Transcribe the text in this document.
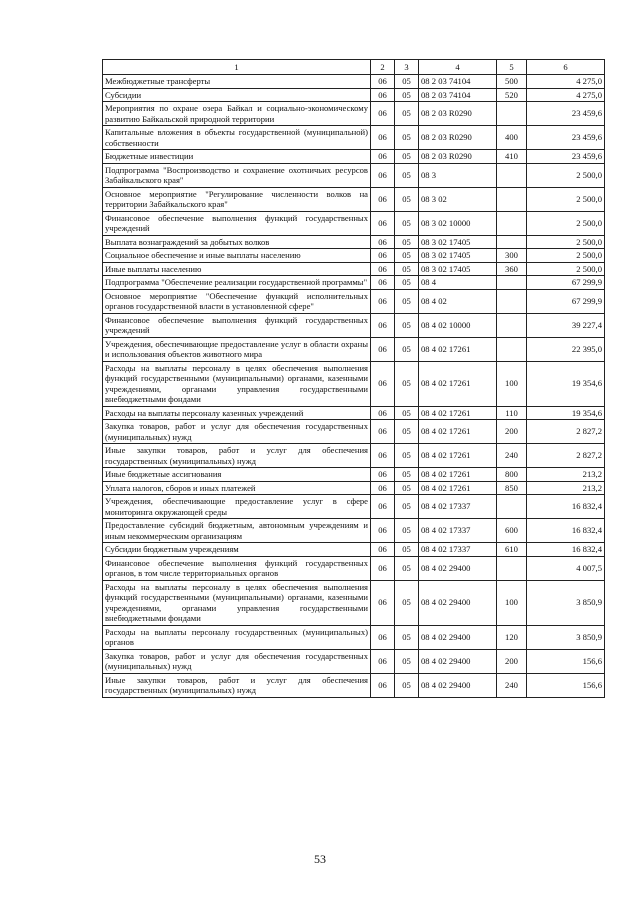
1	2	3	4	5	6
Межбюджетные трансферты	06	05	08 2 03 74104	500	4 275,0
Субсидии	06	05	08 2 03 74104	520	4 275,0
Мероприятия по охране озера Байкал и социально-экономическому развитию Байкальской природной территории	06	05	08 2 03 R0290		23 459,6
Капитальные вложения в объекты государственной (муниципальной) собственности	06	05	08 2 03 R0290	400	23 459,6
Бюджетные инвестиции	06	05	08 2 03 R0290	410	23 459,6
Подпрограмма "Воспроизводство и сохранение охотничьих ресурсов Забайкальского края"	06	05	08 3		2 500,0
Основное мероприятие "Регулирование численности волков на территории Забайкальского края"	06	05	08 3 02		2 500,0
Финансовое обеспечение выполнения функций государственных учреждений	06	05	08 3 02 10000		2 500,0
Выплата вознаграждений за добытых волков	06	05	08 3 02 17405		2 500,0
Социальное обеспечение и иные выплаты населению	06	05	08 3 02 17405	300	2 500,0
Иные выплаты населению	06	05	08 3 02 17405	360	2 500,0
Подпрограмма "Обеспечение реализации государственной программы"	06	05	08 4		67 299,9
Основное мероприятие "Обеспечение функций исполнительных органов государственной власти в установленной сфере"	06	05	08 4 02		67 299,9
Финансовое обеспечение выполнения функций государственных учреждений	06	05	08 4 02 10000		39 227,4
Учреждения, обеспечивающие предоставление услуг в области охраны и использования объектов животного мира	06	05	08 4 02 17261		22 395,0
Расходы на выплаты персоналу в целях обеспечения выполнения функций государственными (муниципальными) органами, казенными учреждениями, органами управления государственными внебюджетными фондами	06	05	08 4 02 17261	100	19 354,6
Расходы на выплаты персоналу казенных учреждений	06	05	08 4 02 17261	110	19 354,6
Закупка товаров, работ и услуг для обеспечения государственных (муниципальных) нужд	06	05	08 4 02 17261	200	2 827,2
Иные закупки товаров, работ и услуг для обеспечения государственных (муниципальных) нужд	06	05	08 4 02 17261	240	2 827,2
Иные бюджетные ассигнования	06	05	08 4 02 17261	800	213,2
Уплата налогов, сборов и иных платежей	06	05	08 4 02 17261	850	213,2
Учреждения, обеспечивающие предоставление услуг в сфере мониторинга окружающей среды	06	05	08 4 02 17337		16 832,4
Предоставление субсидий бюджетным, автономным учреждениям и иным некоммерческим организациям	06	05	08 4 02 17337	600	16 832,4
Субсидии бюджетным учреждениям	06	05	08 4 02 17337	610	16 832,4
Финансовое обеспечение выполнения функций государственных органов, в том числе территориальных органов	06	05	08 4 02 29400		4 007,5
Расходы на выплаты персоналу в целях обеспечения выполнения функций государственными (муниципальными) органами, казенными учреждениями, органами управления государственными внебюджетными фондами	06	05	08 4 02 29400	100	3 850,9
Расходы на выплаты персоналу государственных (муниципальных) органов	06	05	08 4 02 29400	120	3 850,9
Закупка товаров, работ и услуг для обеспечения государственных (муниципальных) нужд	06	05	08 4 02 29400	200	156,6
Иные закупки товаров, работ и услуг для обеспечения государственных (муниципальных) нужд	06	05	08 4 02 29400	240	156,6
53
